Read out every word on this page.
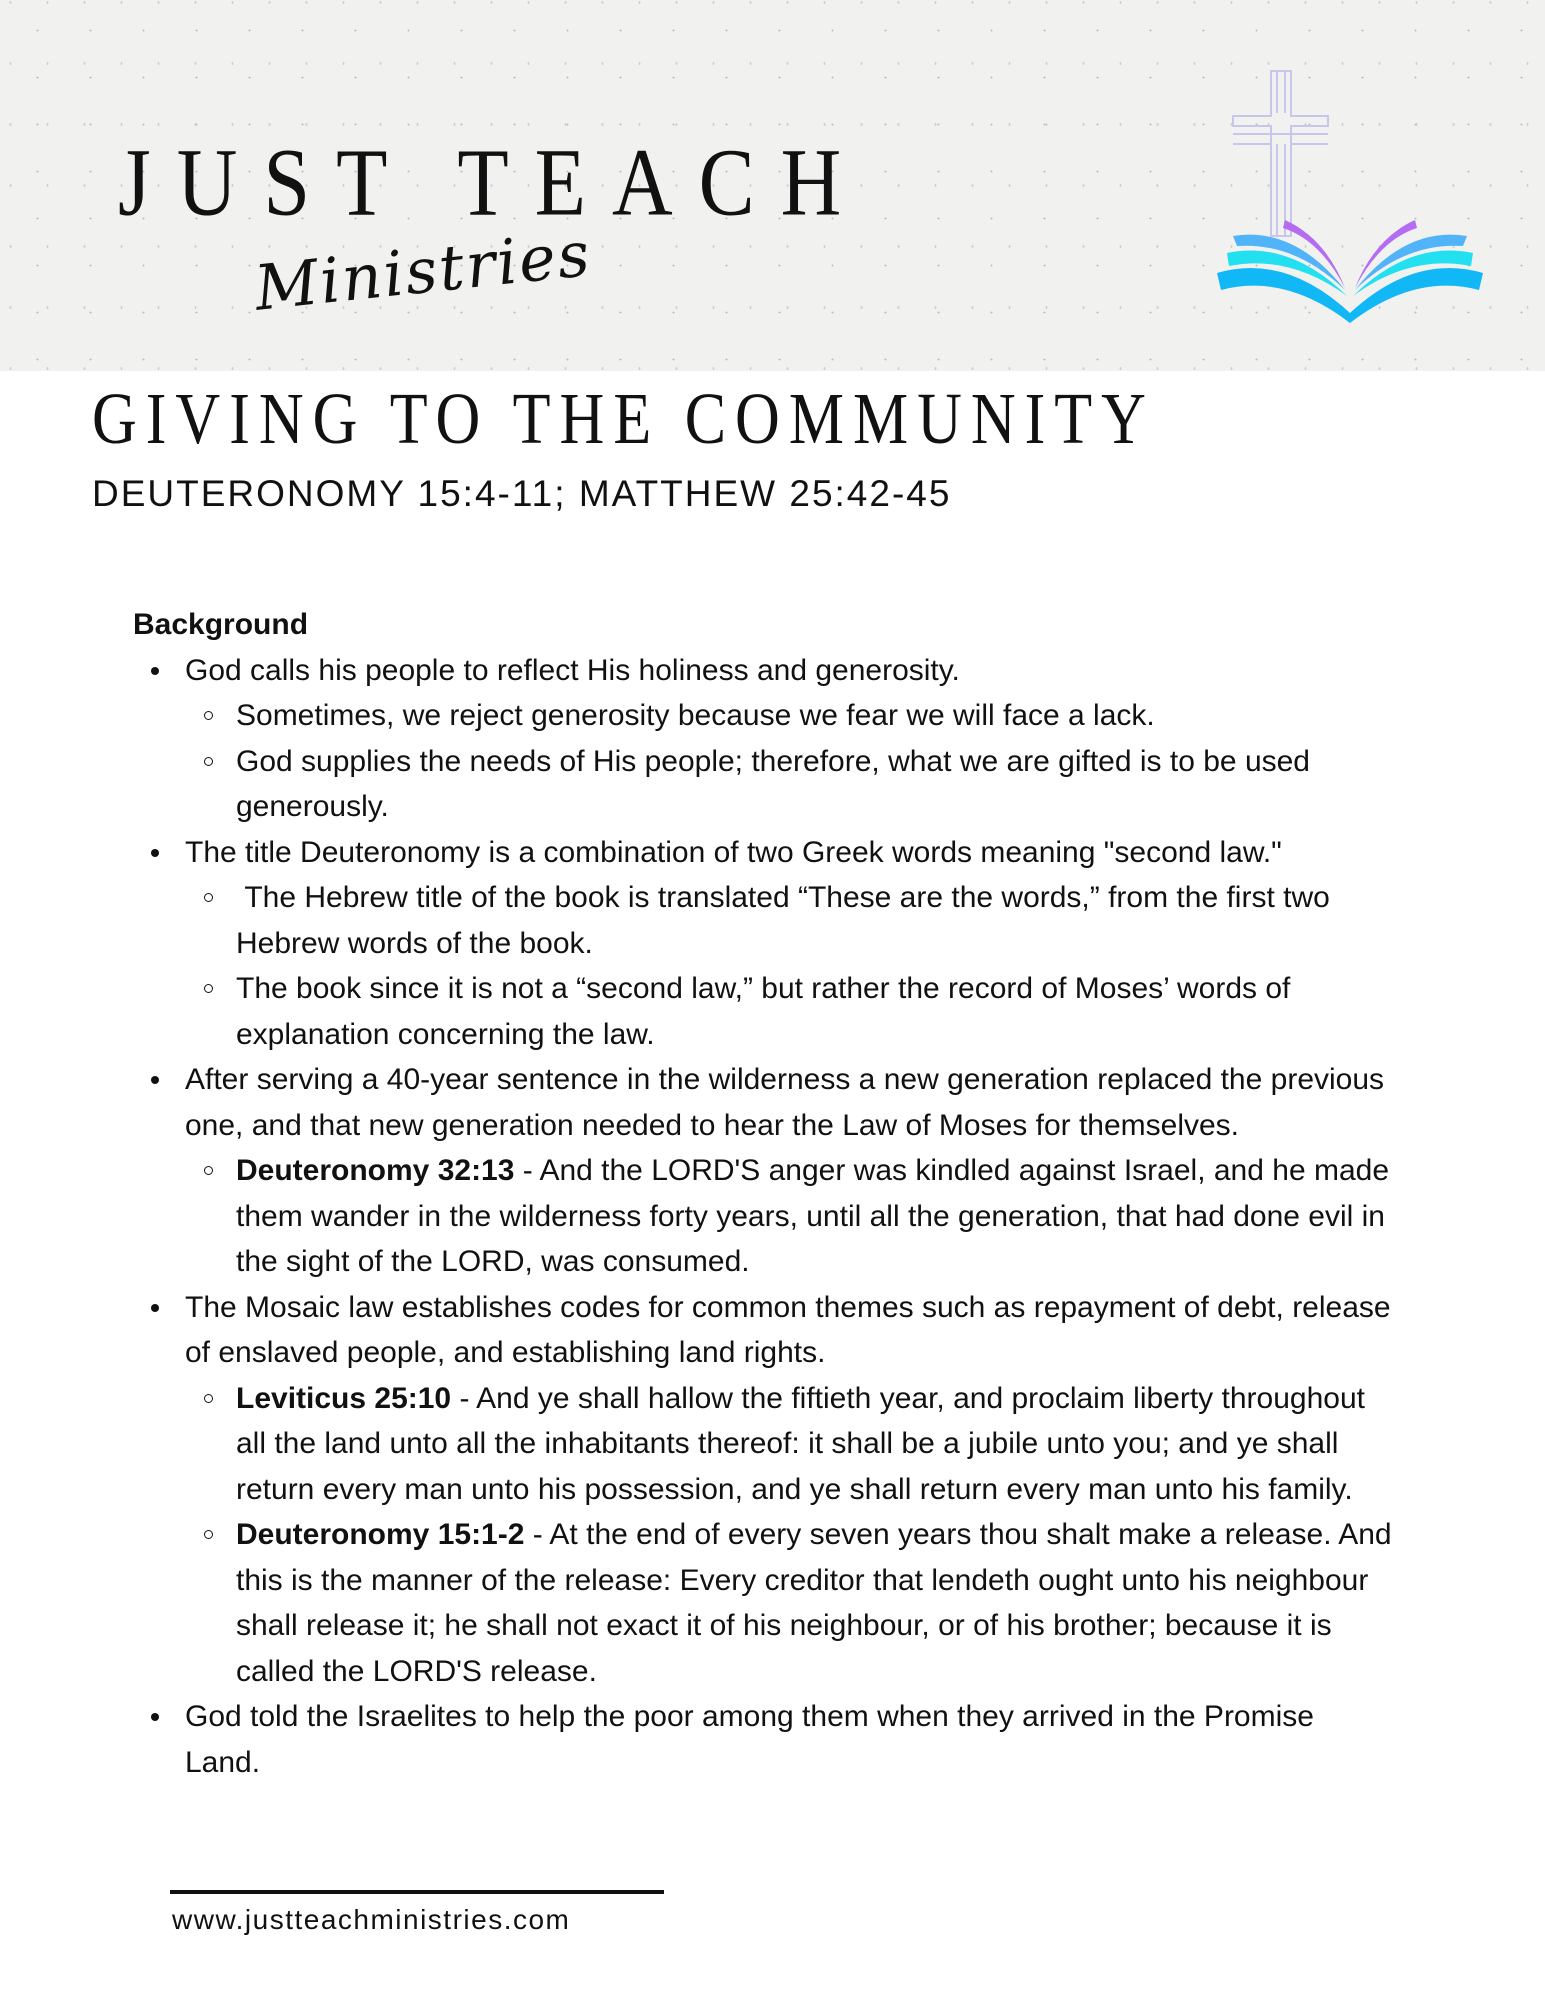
JUST TEACH
Ministries
GIVING TO THE COMMUNITY
DEUTERONOMY 15:4-11; MATTHEW 25:42-45
Background
God calls his people to reflect His holiness and generosity.
Sometimes, we reject generosity because we fear we will face a lack.
God supplies the needs of His people; therefore, what we are gifted is to be used generously.
The title Deuteronomy is a combination of two Greek words meaning "second law."
The Hebrew title of the book is translated “These are the words,” from the first two Hebrew words of the book.
The book since it is not a “second law,” but rather the record of Moses’ words of explanation concerning the law.
After serving a 40-year sentence in the wilderness a new generation replaced the previous one, and that new generation needed to hear the Law of Moses for themselves.
Deuteronomy 32:13 - And the LORD'S anger was kindled against Israel, and he made them wander in the wilderness forty years, until all the generation, that had done evil in the sight of the LORD, was consumed.
The Mosaic law establishes codes for common themes such as repayment of debt, release of enslaved people, and establishing land rights.
Leviticus 25:10 - And ye shall hallow the fiftieth year, and proclaim liberty throughout all the land unto all the inhabitants thereof: it shall be a jubile unto you; and ye shall return every man unto his possession, and ye shall return every man unto his family.
Deuteronomy 15:1-2 - At the end of every seven years thou shalt make a release. And this is the manner of the release: Every creditor that lendeth ought unto his neighbour shall release it; he shall not exact it of his neighbour, or of his brother; because it is called the LORD'S release.
God told the Israelites to help the poor among them when they arrived in the Promise Land.
www.justteachministries.com
